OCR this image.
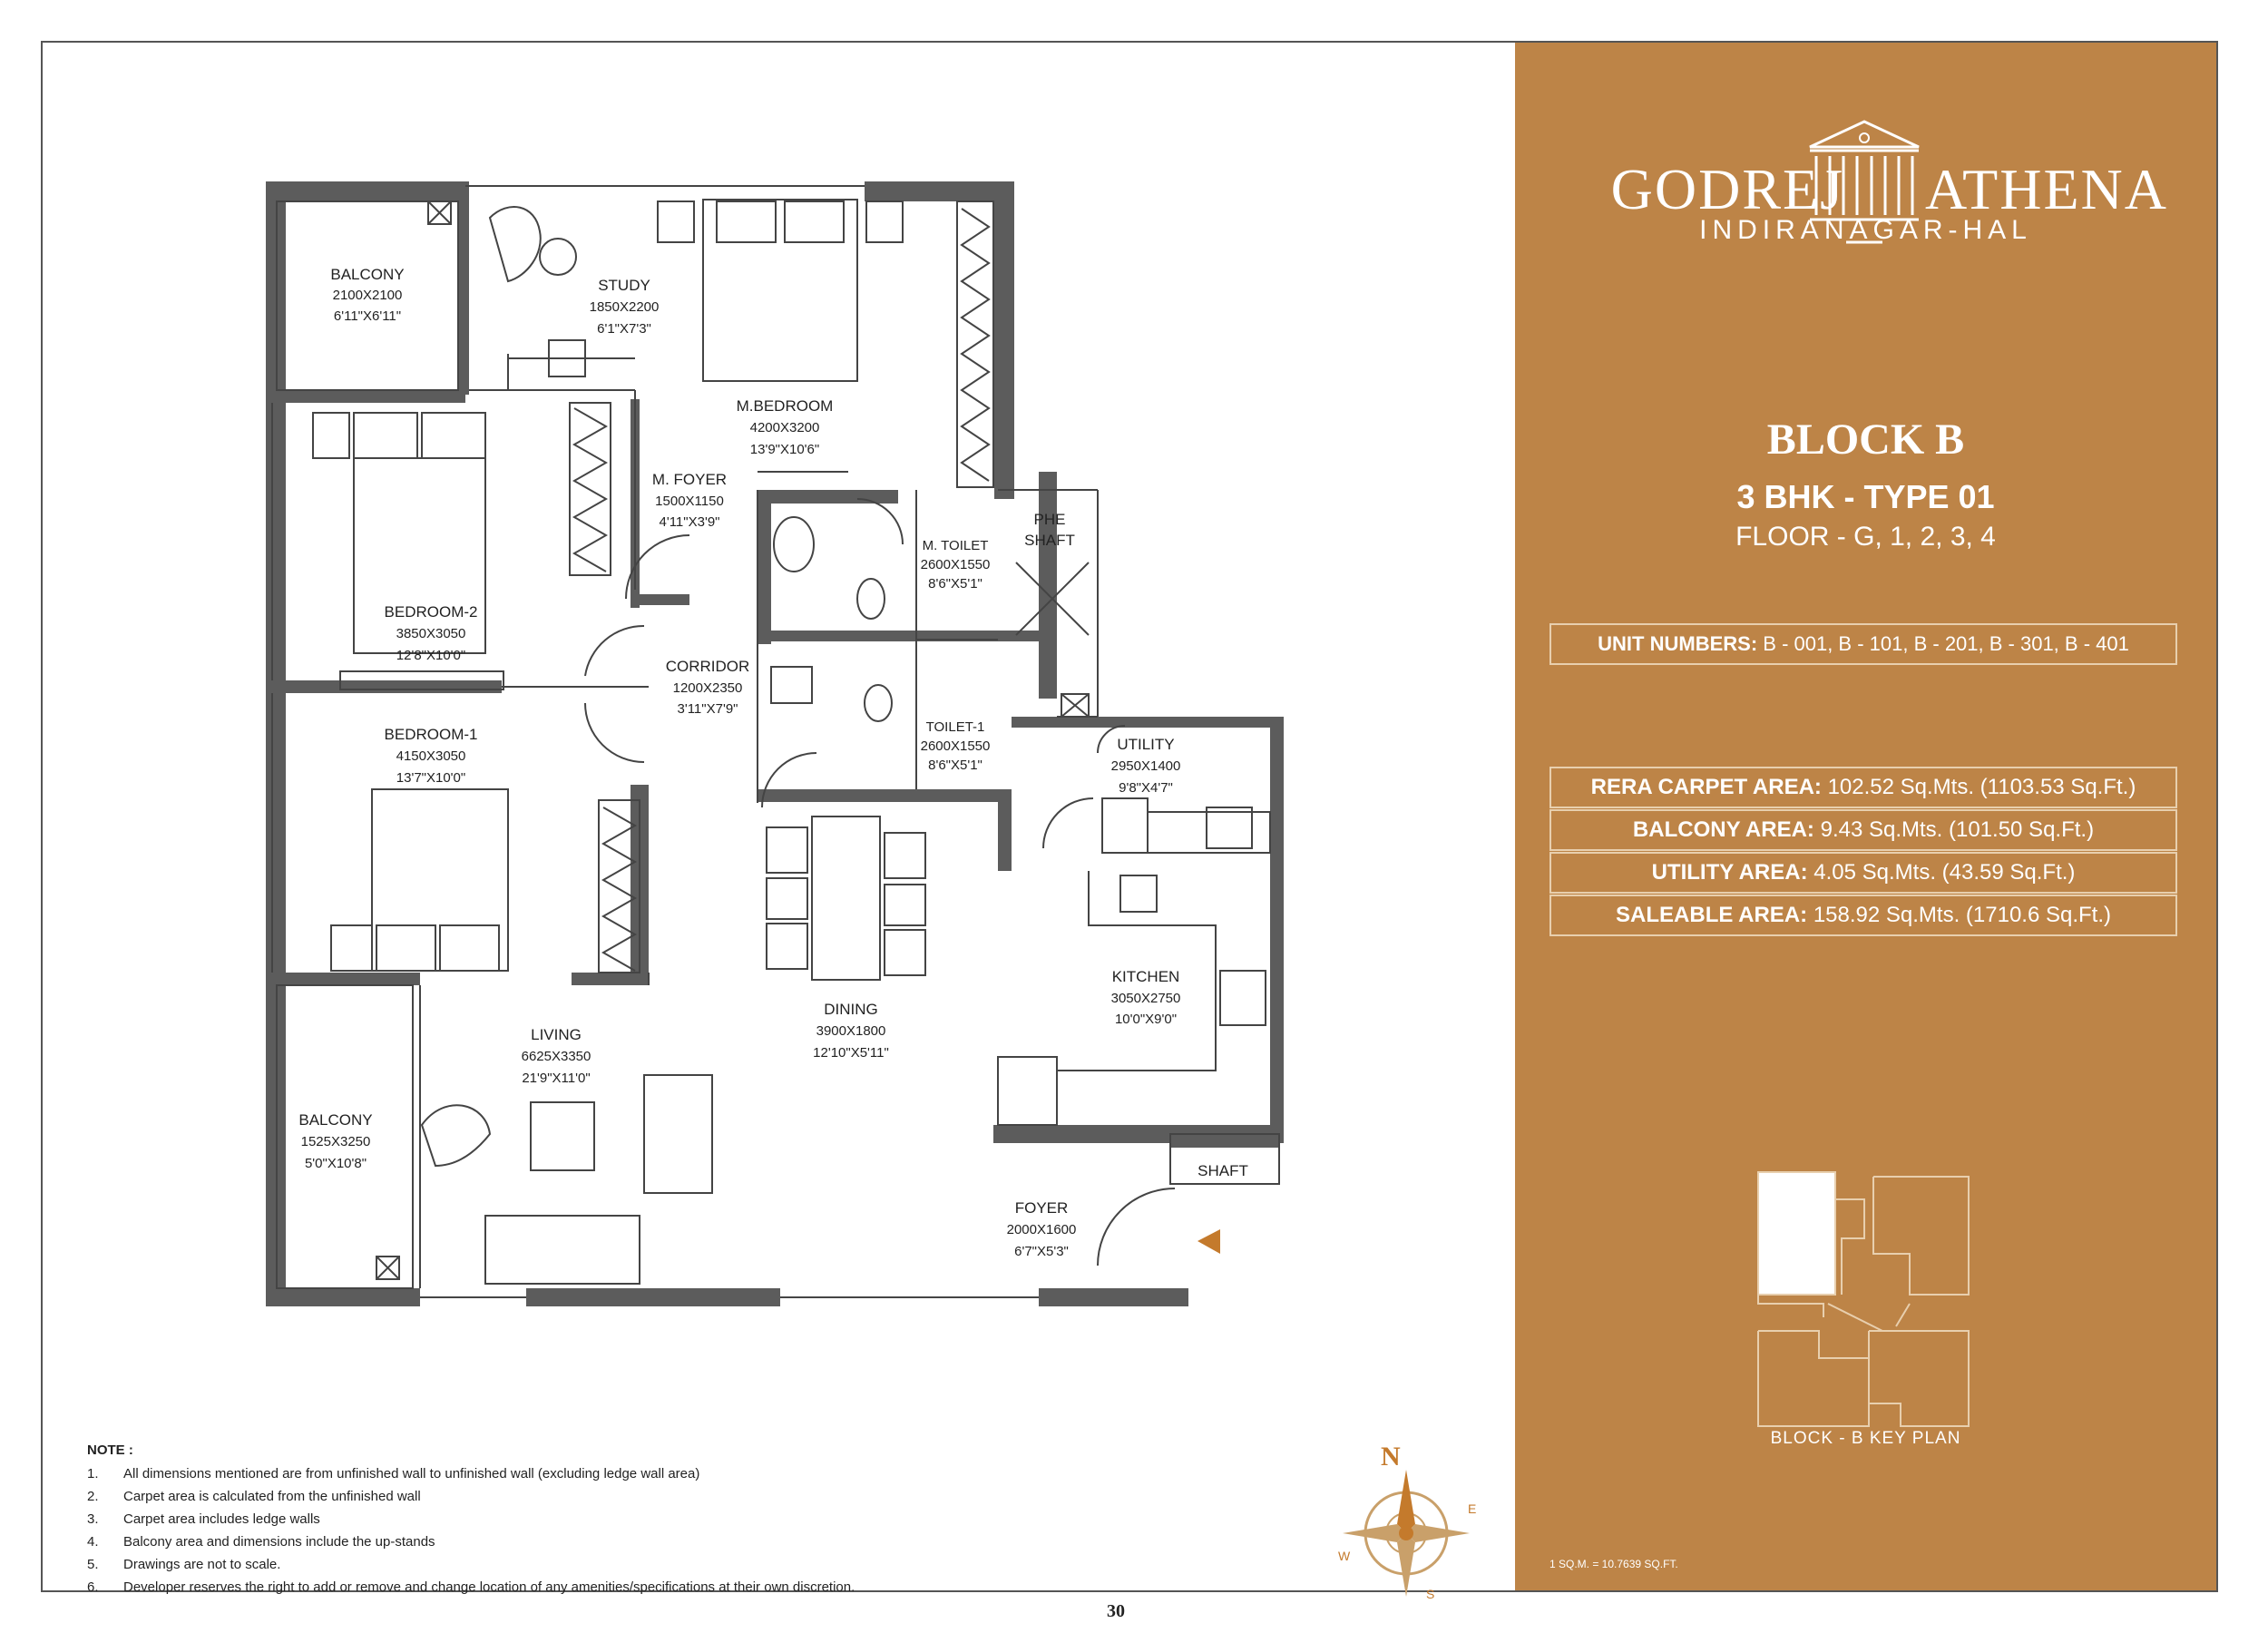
BALCONY
2100X2100
6'11"X6'11"
STUDY
1850X2200
6'1"X7'3"
M.BEDROOM
4200X3200
13'9"X10'6"
M. FOYER
1500X1150
4'11"X3'9"
M. TOILET
2600X1550
8'6"X5'1"
PHE
SHAFT
BEDROOM-2
3850X3050
12'8"X10'0"
CORRIDOR
1200X2350
3'11"X7'9"
TOILET-1
2600X1550
8'6"X5'1"
BEDROOM-1
4150X3050
13'7"X10'0"
UTILITY
2950X1400
9'8"X4'7"
KITCHEN
3050X2750
10'0"X9'0"
LIVING
6625X3350
21'9"X11'0"
DINING
3900X1800
12'10"X5'11"
BALCONY
1525X3250
5'0"X10'8"	SHAFT
FOYER
2000X1600
6'7"X5'3"
N
E
S
W
NOTE :
1. All dimensions mentioned are from unfinished wall to unfinished wall (excluding ledge wall area)
2. Carpet area is calculated from the unfinished wall
3. Carpet area includes ledge walls
4. Balcony area and dimensions include the up-stands
5. Drawings are not to scale.
6. Developer reserves the right to add or remove and change location of any amenities/specifications at their own discretion.
GODREJ ATHENA
INDIRANAGAR-HAL
BLOCK B
3 BHK - TYPE 01
FLOOR - G, 1, 2, 3, 4
UNIT NUMBERS: B - 001, B - 101, B - 201, B - 301, B - 401
RERA CARPET AREA: 102.52 Sq.Mts. (1103.53 Sq.Ft.)
BALCONY AREA: 9.43 Sq.Mts. (101.50 Sq.Ft.)
UTILITY AREA: 4.05 Sq.Mts. (43.59 Sq.Ft.)
SALEABLE AREA: 158.92 Sq.Mts. (1710.6 Sq.Ft.)
BLOCK - B KEY PLAN
1 SQ.M. = 10.7639 SQ.FT.
30
